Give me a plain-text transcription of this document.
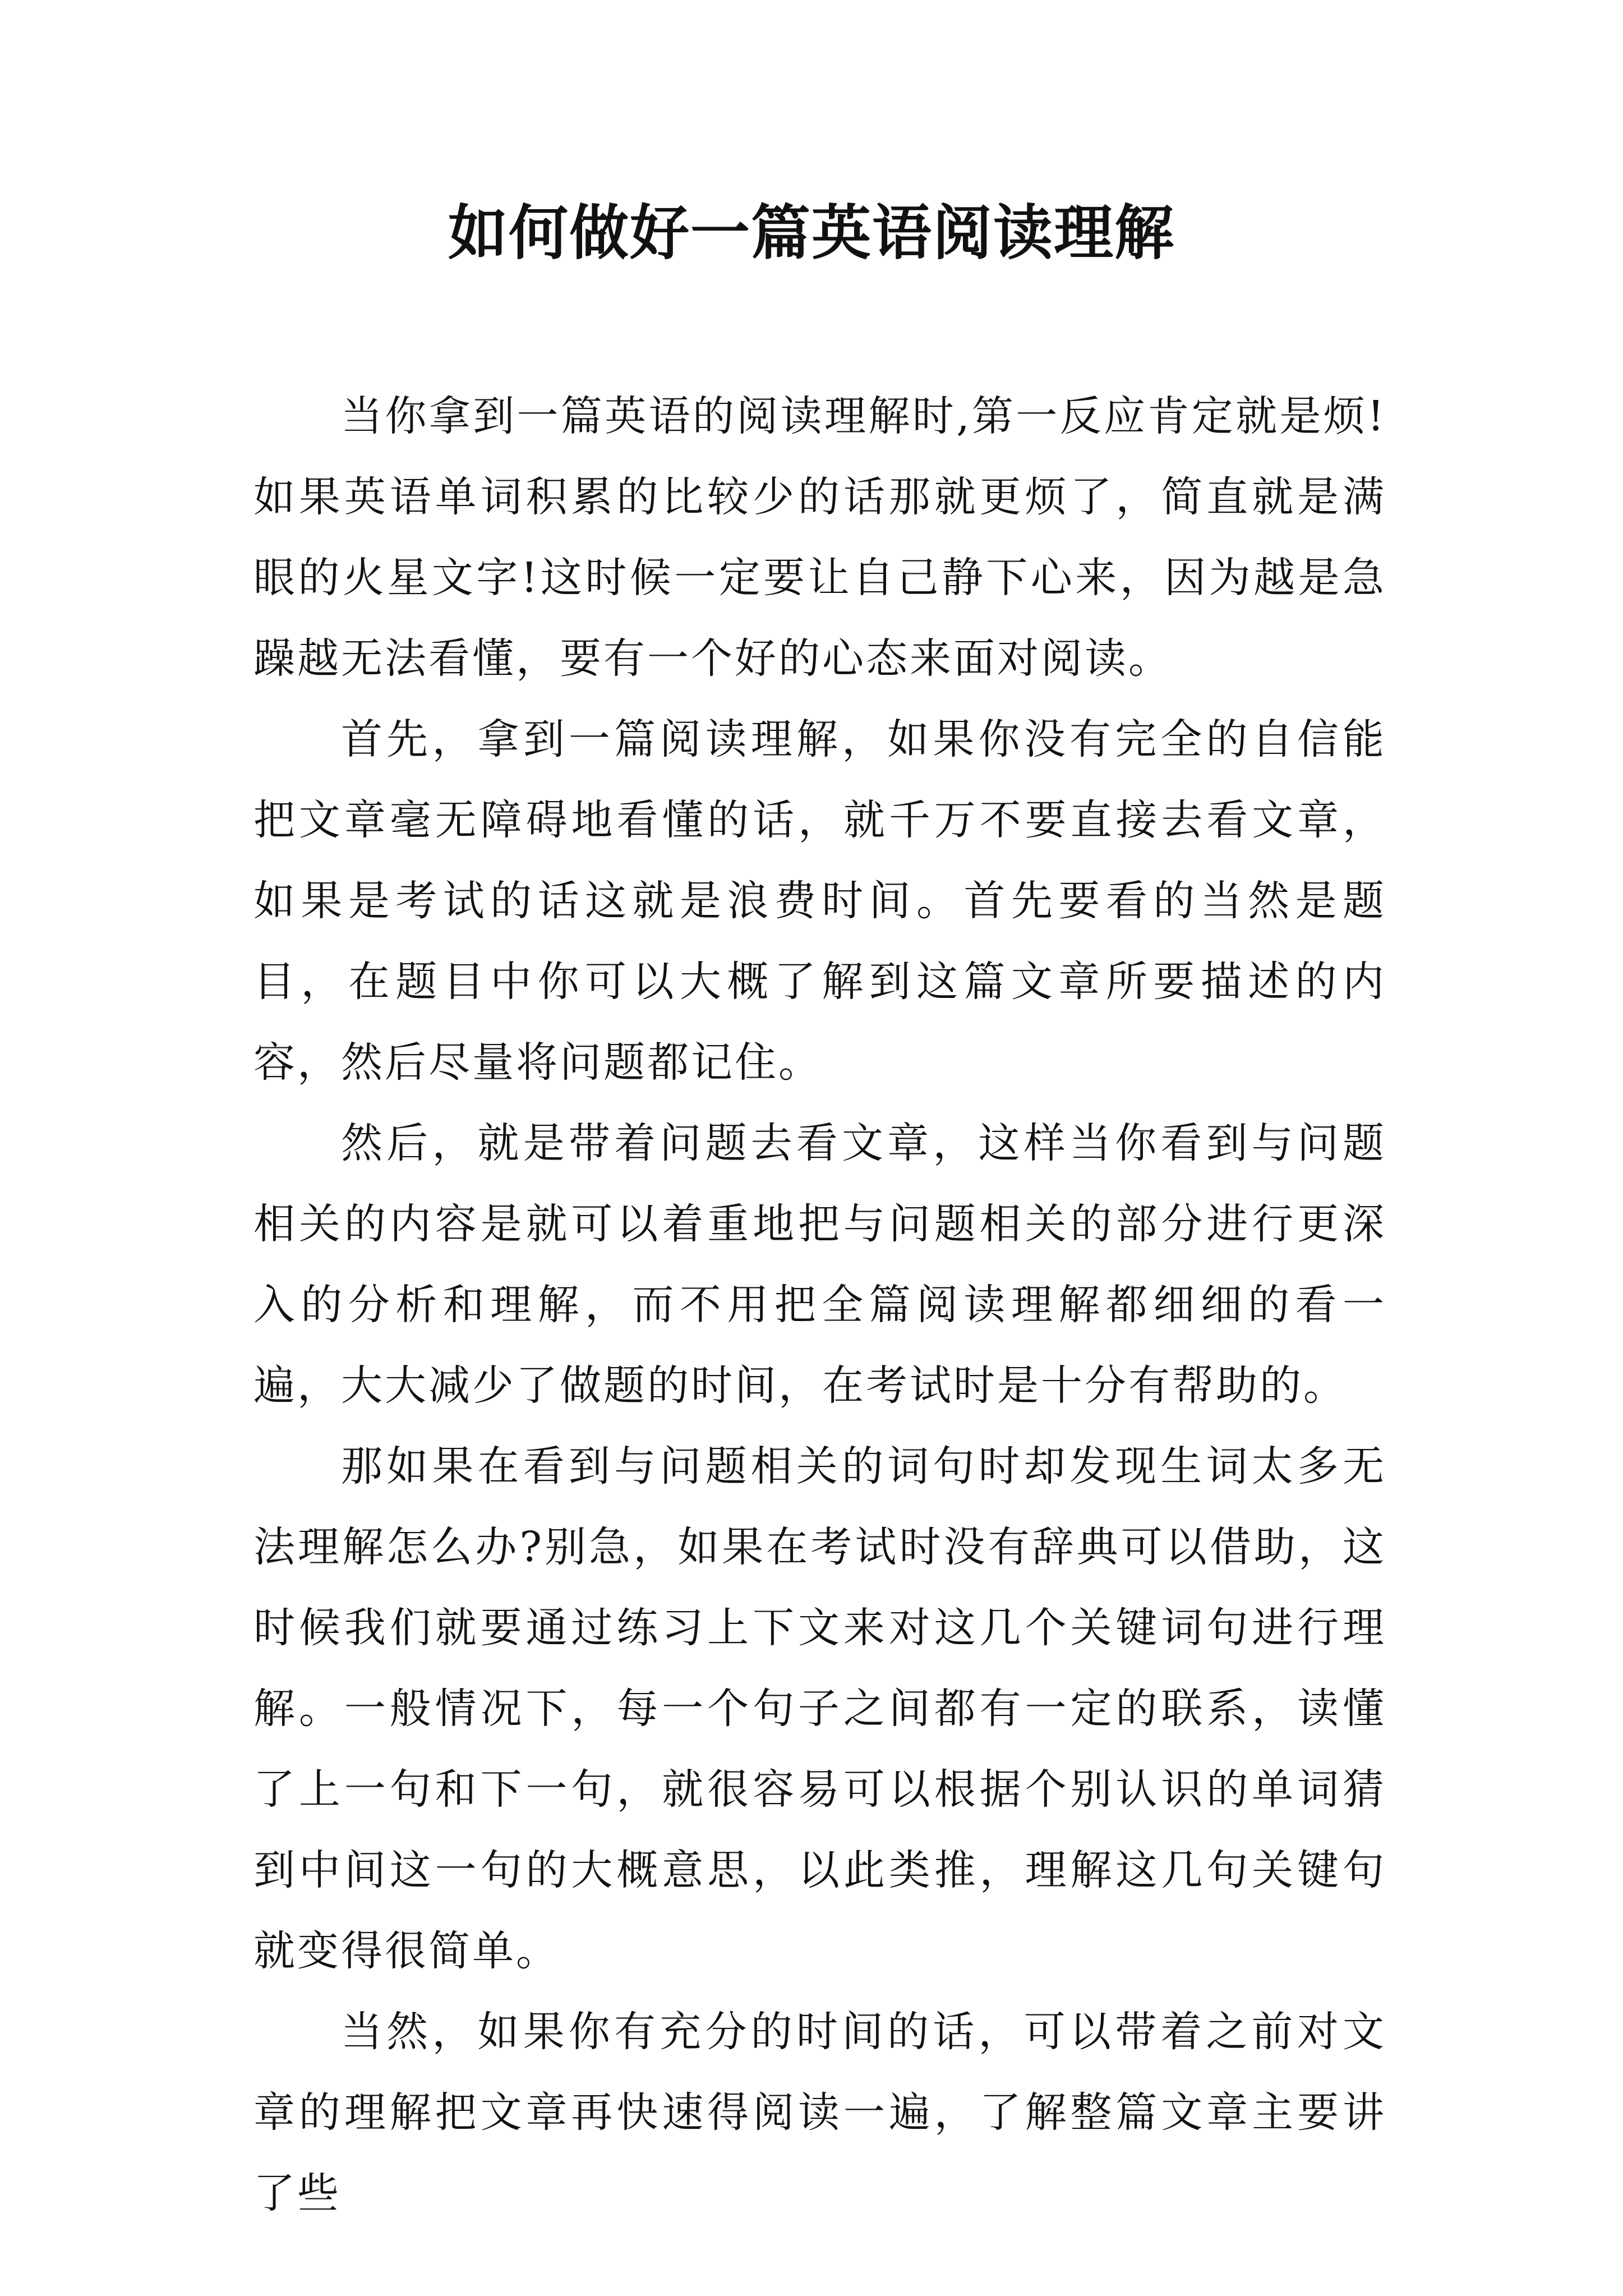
如何做好一篇英语阅读理解

当你拿到一篇英语的阅读理解时,第一反应肯定就是烦!如果英语单词积累的比较少的话那就更烦了，简直就是满眼的火星文字!这时候一定要让自己静下心来，因为越是急躁越无法看懂，要有一个好的心态来面对阅读。

首先，拿到一篇阅读理解，如果你没有完全的自信能把文章毫无障碍地看懂的话，就千万不要直接去看文章，如果是考试的话这就是浪费时间。首先要看的当然是题目，在题目中你可以大概了解到这篇文章所要描述的内容，然后尽量将问题都记住。

然后，就是带着问题去看文章，这样当你看到与问题相关的内容是就可以着重地把与问题相关的部分进行更深入的分析和理解，而不用把全篇阅读理解都细细的看一遍，大大减少了做题的时间，在考试时是十分有帮助的。

那如果在看到与问题相关的词句时却发现生词太多无法理解怎么办?别急，如果在考试时没有辞典可以借助，这时候我们就要通过练习上下文来对这几个关键词句进行理解。一般情况下，每一个句子之间都有一定的联系，读懂了上一句和下一句，就很容易可以根据个别认识的单词猜到中间这一句的大概意思，以此类推，理解这几句关键句就变得很简单。

当然，如果你有充分的时间的话，可以带着之前对文章的理解把文章再快速得阅读一遍，了解整篇文章主要讲了些
